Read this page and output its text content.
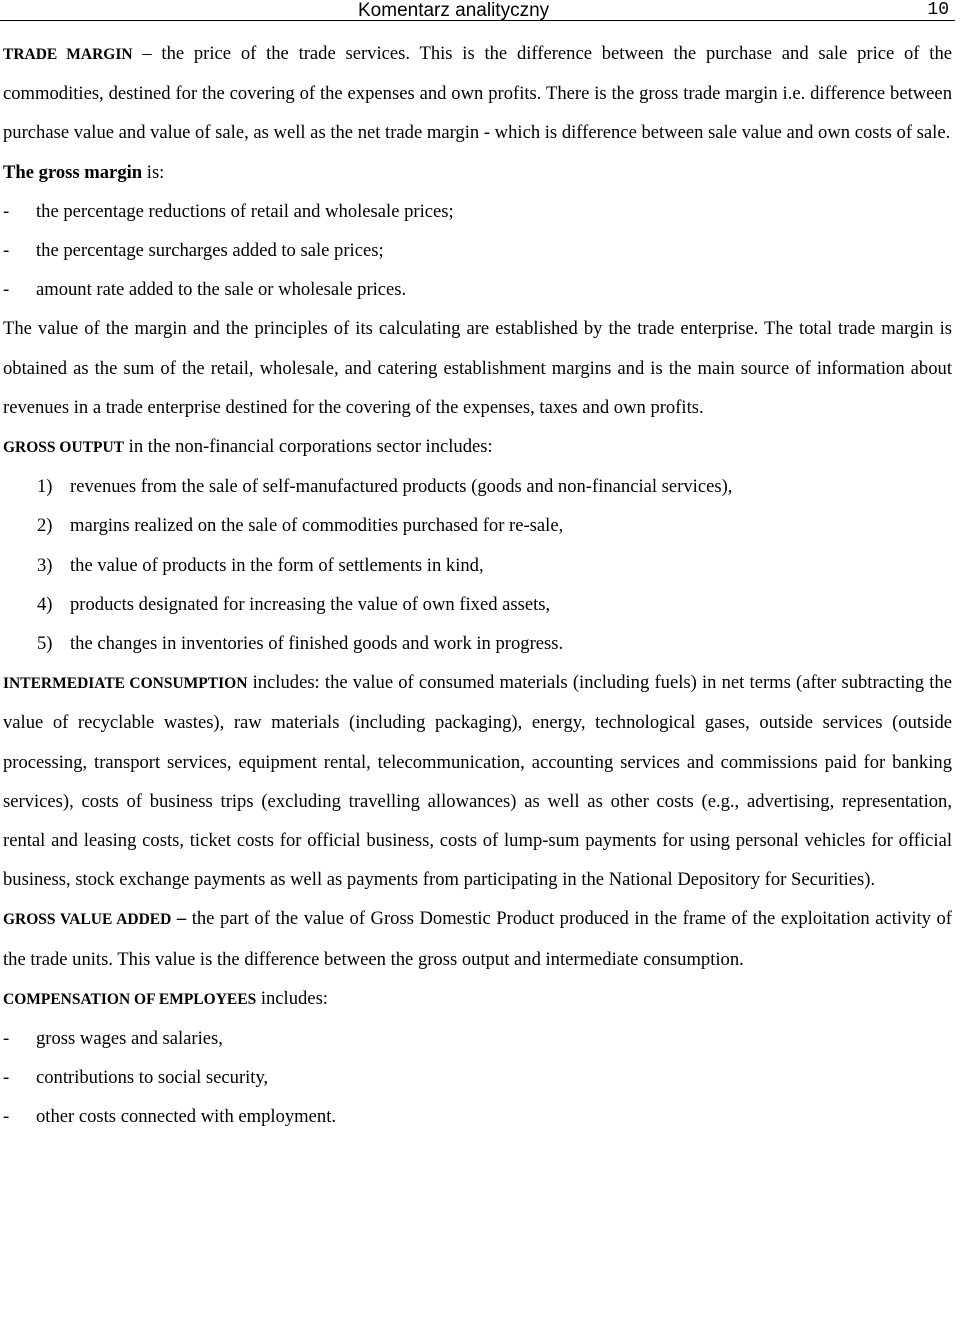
Komentarz analityczny	10

TRADE MARGIN – the price of the trade services. This is the difference between the purchase and sale price of the commodities, destined for the covering of the expenses and own profits. There is the gross trade margin i.e. difference between purchase value and value of sale, as well as the net trade margin - which is difference between sale value and own costs of sale.

The gross margin is:

- the percentage reductions of retail and wholesale prices;
- the percentage surcharges added to sale prices;
- amount rate added to the sale or wholesale prices.

The value of the margin and the principles of its calculating are established by the trade enterprise. The total trade margin is obtained as the sum of the retail, wholesale, and catering establishment margins and is the main source of information about revenues in a trade enterprise destined for the covering of the expenses, taxes and own profits.

GROSS OUTPUT in the non-financial corporations sector includes:

1) revenues from the sale of self-manufactured products (goods and non-financial services),
2) margins realized on the sale of commodities purchased for re-sale,
3) the value of products in the form of settlements in kind,
4) products designated for increasing the value of own fixed assets,
5) the changes in inventories of finished goods and work in progress.

INTERMEDIATE CONSUMPTION includes: the value of consumed materials (including fuels) in net terms (after subtracting the value of recyclable wastes), raw materials (including packaging), energy, technological gases, outside services (outside processing, transport services, equipment rental, telecommunication, accounting services and commissions paid for banking services), costs of business trips (excluding travelling allowances) as well as other costs (e.g., advertising, representation, rental and leasing costs, ticket costs for official business, costs of lump-sum payments for using personal vehicles for official business, stock exchange payments as well as payments from participating in the National Depository for Securities).

GROSS VALUE ADDED – the part of the value of Gross Domestic Product produced in the frame of the exploitation activity of the trade units. This value is the difference between the gross output and intermediate consumption.

COMPENSATION OF EMPLOYEES includes:

- gross wages and salaries,
- contributions to social security,
- other costs connected with employment.
